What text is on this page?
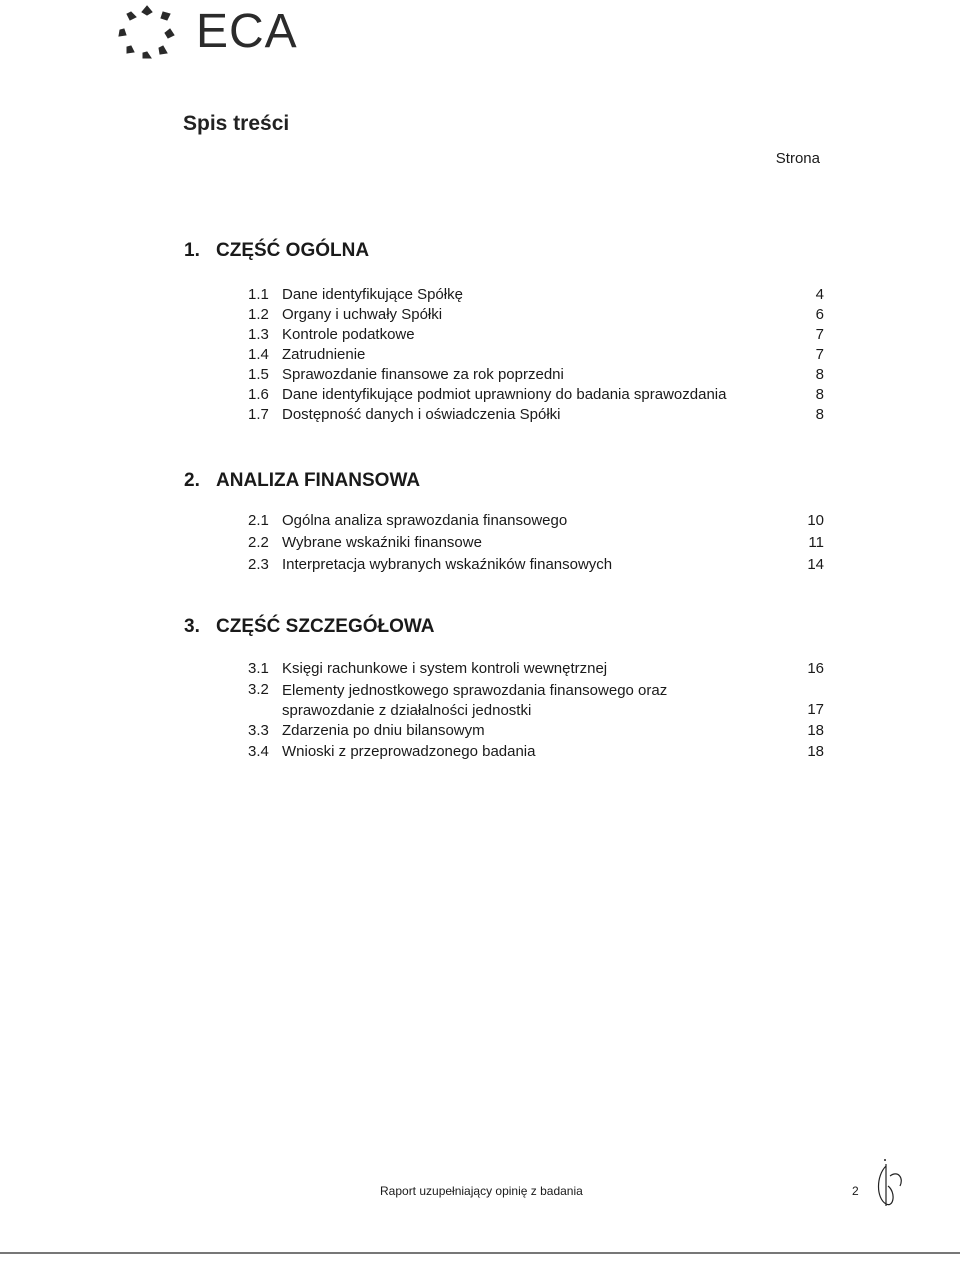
ECA
Spis treści
Strona
1. CZĘŚĆ OGÓLNA
1.1 Dane identyfikujące Spółkę	4
1.2 Organy i uchwały Spółki	6
1.3 Kontrole podatkowe	7
1.4 Zatrudnienie	7
1.5 Sprawozdanie finansowe za rok poprzedni	8
1.6 Dane identyfikujące podmiot uprawniony do badania sprawozdania	8
1.7 Dostępność danych i oświadczenia Spółki	8
2. ANALIZA FINANSOWA
2.1 Ogólna analiza sprawozdania finansowego	10
2.2 Wybrane wskaźniki finansowe	11
2.3 Interpretacja wybranych wskaźników finansowych	14
3. CZĘŚĆ SZCZEGÓŁOWA
3.1 Księgi rachunkowe i system kontroli wewnętrznej	16
3.2 Elementy jednostkowego sprawozdania finansowego oraz
sprawozdanie z działalności jednostki	17
3.3 Zdarzenia po dniu bilansowym	18
3.4 Wnioski z przeprowadzonego badania	18
Raport uzupełniający opinię z badania	2
